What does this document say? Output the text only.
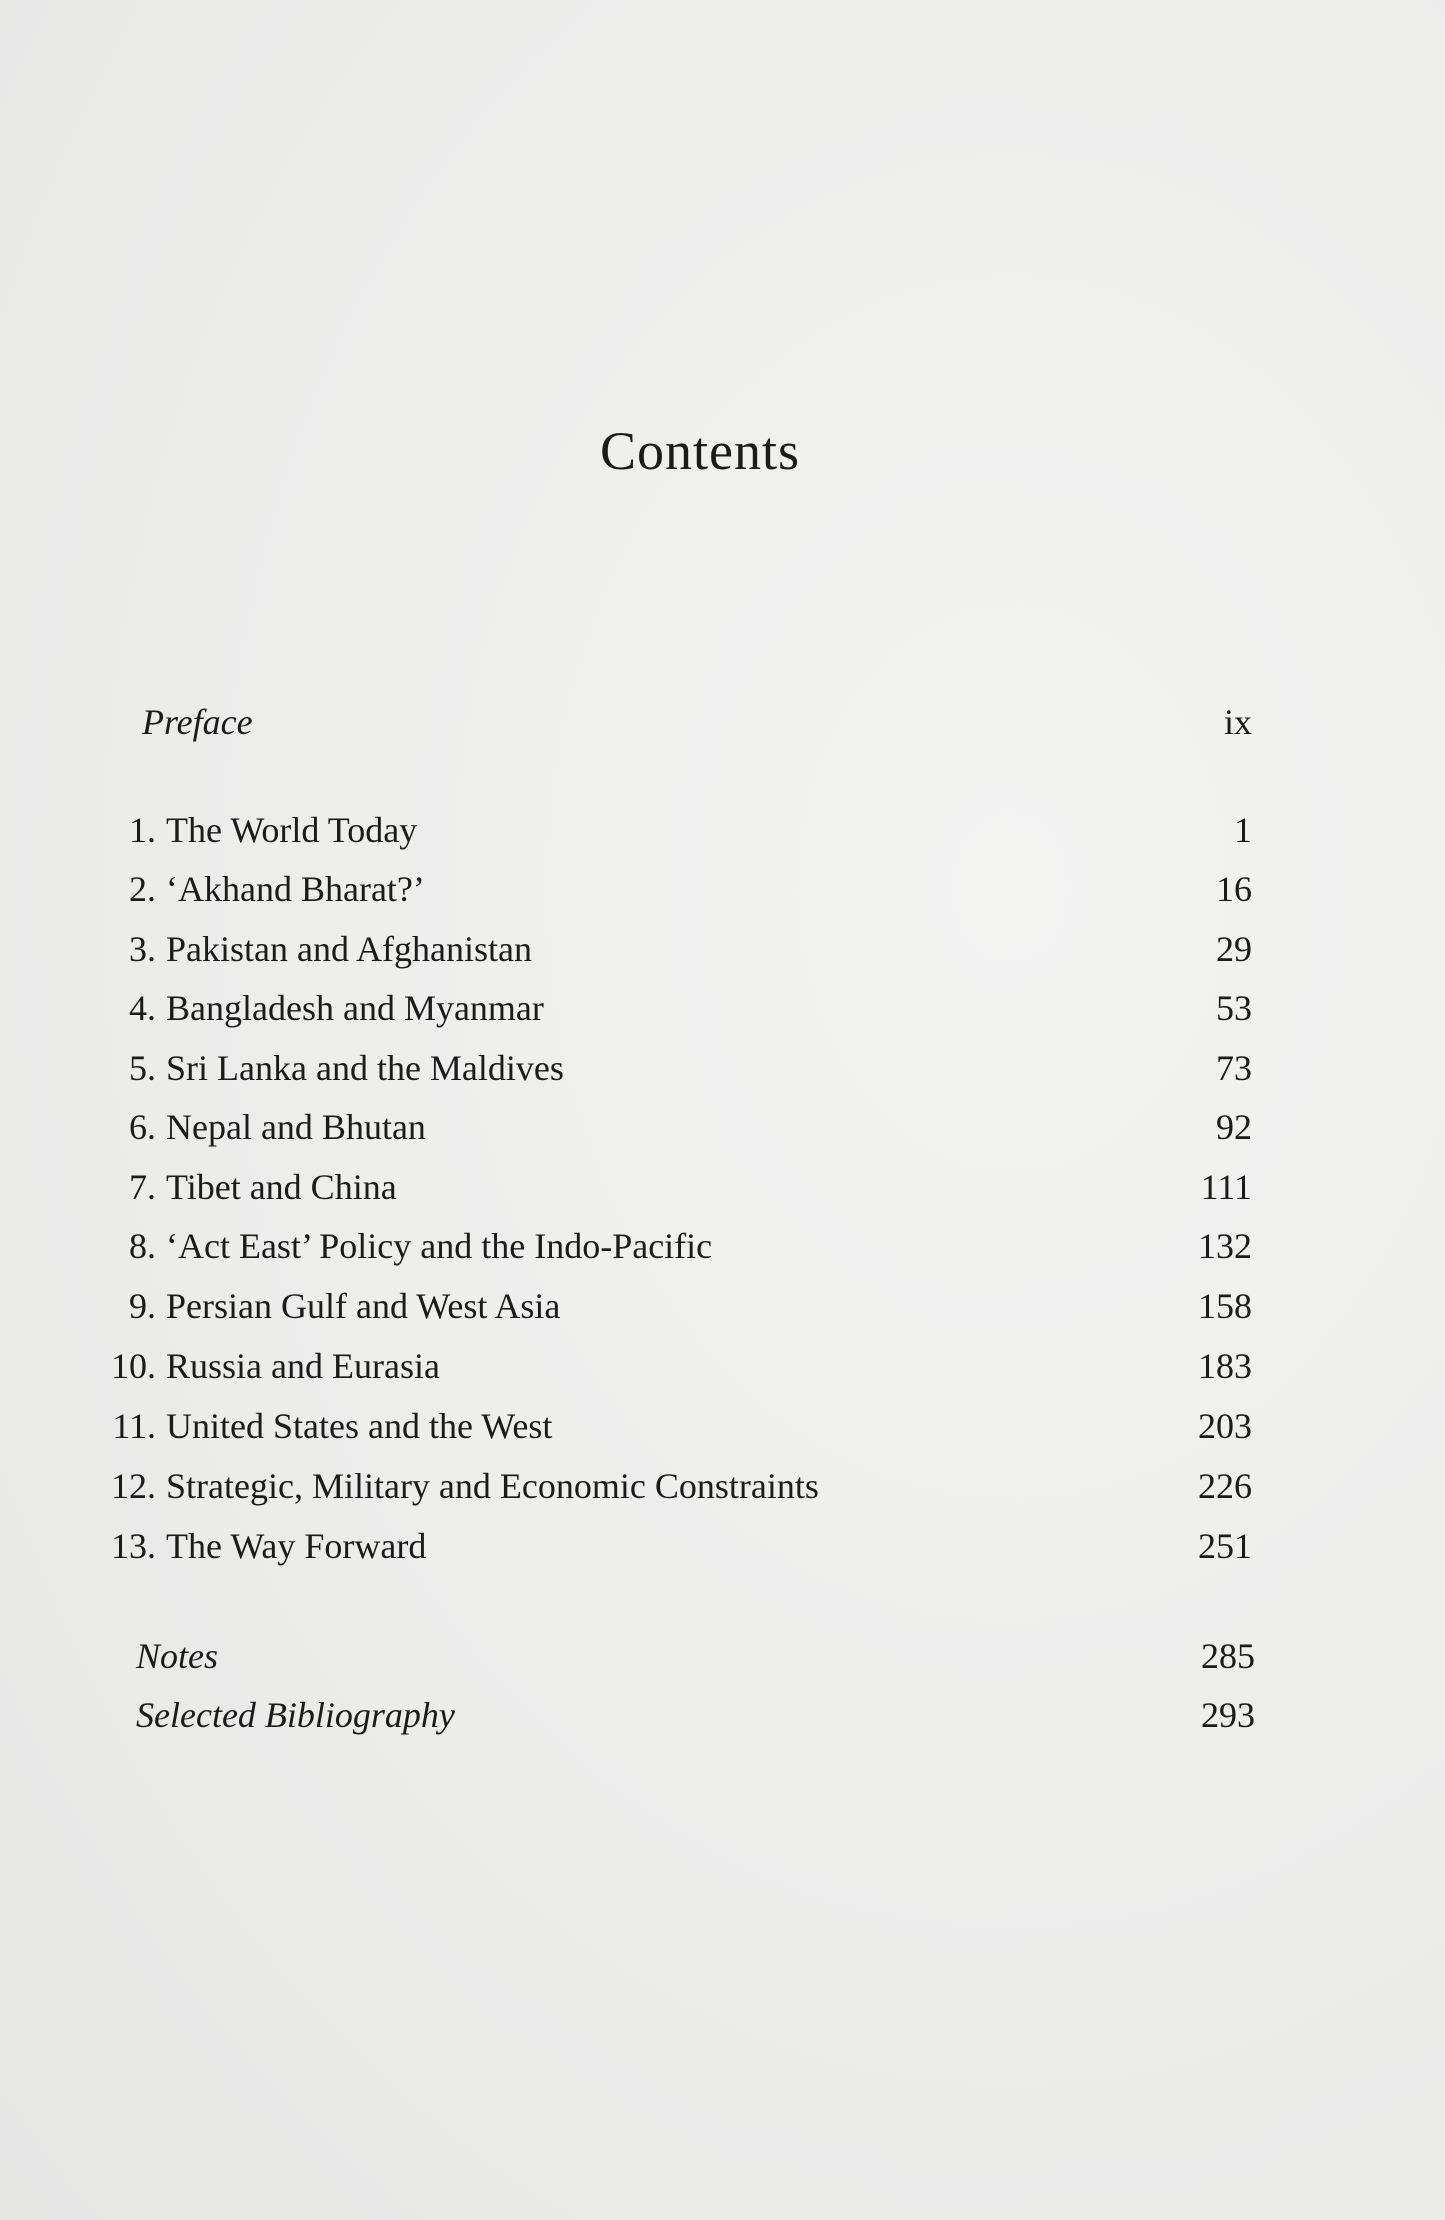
Contents
Preface	ix
1. The World Today	1
2. ‘Akhand Bharat?’	16
3. Pakistan and Afghanistan	29
4. Bangladesh and Myanmar	53
5. Sri Lanka and the Maldives	73
6. Nepal and Bhutan	92
7. Tibet and China	111
8. ‘Act East’ Policy and the Indo-Pacific	132
9. Persian Gulf and West Asia	158
10. Russia and Eurasia	183
11. United States and the West	203
12. Strategic, Military and Economic Constraints	226
13. The Way Forward	251
Notes	285
Selected Bibliography	293
